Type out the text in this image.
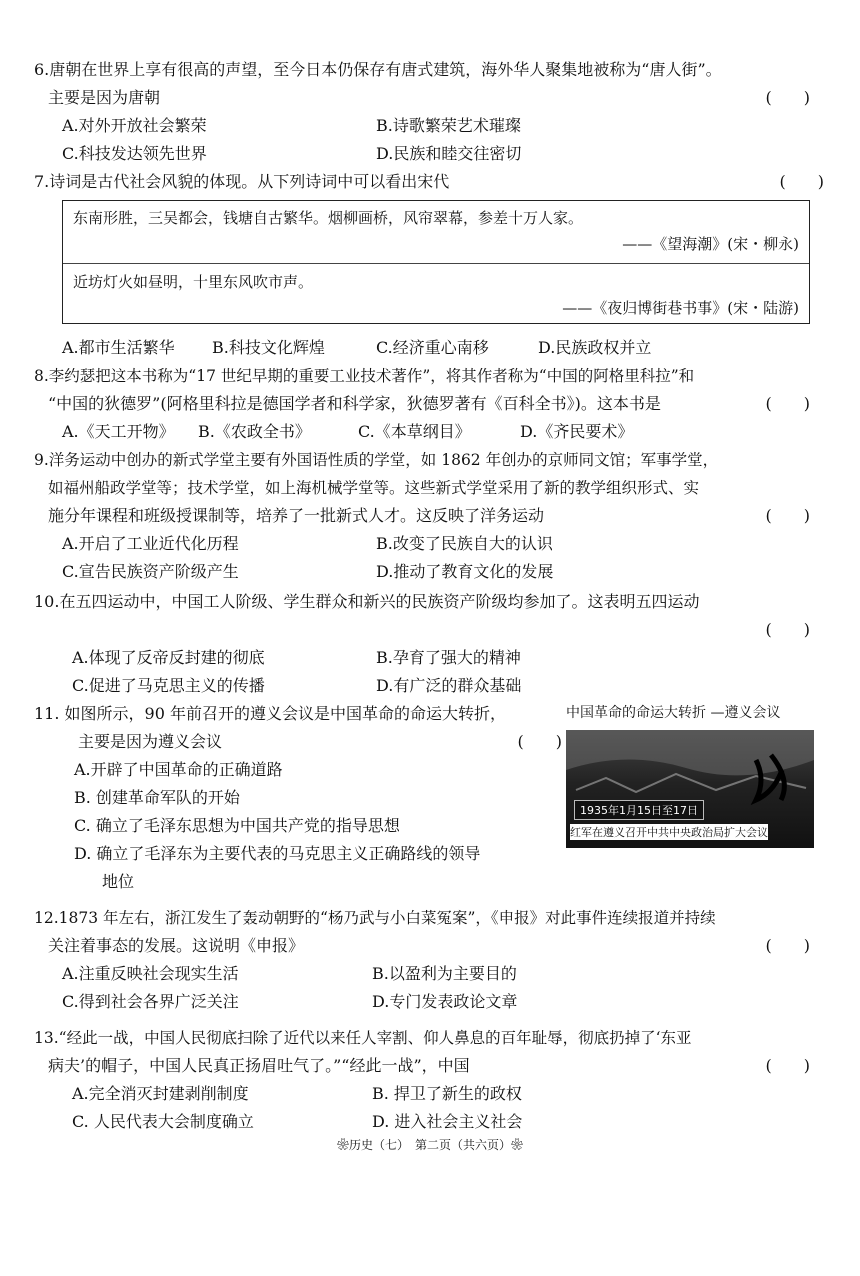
6.唐朝在世界上享有很高的声望，至今日本仍保存有唐式建筑，海外华人聚集地被称为“唐人街”。
主要是因为唐朝	(　　)
A.对外开放社会繁荣	B.诗歌繁荣艺术璀璨
C.科技发达领先世界	D.民族和睦交往密切
7.诗词是古代社会风貌的体现。从下列诗词中可以看出宋代	(　　)
东南形胜，三吴都会，钱塘自古繁华。烟柳画桥，风帘翠幕，参差十万人家。
——《望海潮》(宋・柳永)
近坊灯火如昼明，十里东风吹市声。
——《夜归博街巷书事》(宋・陆游)
A.都市生活繁华 B.科技文化辉煌	C.经济重心南移	D.民族政权并立
8.李约瑟把这本书称为“17 世纪早期的重要工业技术著作”，将其作者称为“中国的阿格里科拉”和
“中国的狄德罗”(阿格里科拉是德国学者和科学家，狄德罗著有《百科全书》)。这本书是	(　　)
A.《天工开物》 B.《农政全书》	C.《本草纲目》	D.《齐民要术》
9.洋务运动中创办的新式学堂主要有外国语性质的学堂，如 1862 年创办的京师同文馆；军事学堂，
如福州船政学堂等；技术学堂，如上海机械学堂等。这些新式学堂采用了新的教学组织形式、实
施分年课程和班级授课制等，培养了一批新式人才。这反映了洋务运动	(　　)
A.开启了工业近代化历程	B.改变了民族自大的认识
C.宣告民族资产阶级产生	D.推动了教育文化的发展
10.在五四运动中，中国工人阶级、学生群众和新兴的民族资产阶级均参加了。这表明五四运动
(　　)
A.体现了反帝反封建的彻底	B.孕育了强大的精神
C.促进了马克思主义的传播	D.有广泛的群众基础
11. 如图所示，90 年前召开的遵义会议是中国革命的命运大转折，
主要是因为遵义会议	(　　)
A.开辟了中国革命的正确道路
B. 创建革命军队的开始
C. 确立了毛泽东思想为中国共产党的指导思想
D. 确立了毛泽东为主要代表的马克思主义正确路线的领导
地位
中国革命的命运大转折 —遵义会议
1935年1月15日至17日
红军在遵义召开中共中央政治局扩大会议
12.1873 年左右，浙江发生了轰动朝野的“杨乃武与小白菜冤案”，《申报》对此事件连续报道并持续
关注着事态的发展。这说明《申报》	(　　)
A.注重反映社会现实生活	B.以盈利为主要目的
C.得到社会各界广泛关注	D.专门发表政论文章
13.“经此一战，中国人民彻底扫除了近代以来任人宰割、仰人鼻息的百年耻辱，彻底扔掉了‘东亚
病夫’的帽子，中国人民真正扬眉吐气了。”“经此一战”，中国	(　　)
A.完全消灭封建剥削制度	B. 捍卫了新生的政权
C. 人民代表大会制度确立	D. 进入社会主义社会
❀历史（七）　第二页（共六页）❀
